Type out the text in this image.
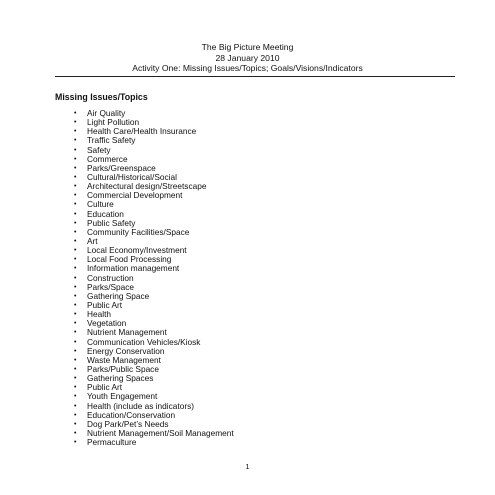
The Big Picture Meeting
28 January 2010
Activity One: Missing Issues/Topics; Goals/Visions/Indicators
Missing Issues/Topics
• Air Quality
• Light Pollution
• Health Care/Health Insurance
• Traffic Safety
• Safety
• Commerce
• Parks/Greenspace
• Cultural/Historical/Social
• Architectural design/Streetscape
• Commercial Development
• Culture
• Education
• Public Safety
• Community Facilities/Space
• Art
• Local Economy/Investment
• Local Food Processing
• Information management
• Construction
• Parks/Space
• Gathering Space
• Public Art
• Health
• Vegetation
• Nutrient Management
• Communication Vehicles/Kiosk
• Energy Conservation
• Waste Management
• Parks/Public Space
• Gathering Spaces
• Public Art
• Youth Engagement
• Health (include as indicators)
• Education/Conservation
• Dog Park/Pet’s Needs
• Nutrient Management/Soil Management
• Permaculture
1
